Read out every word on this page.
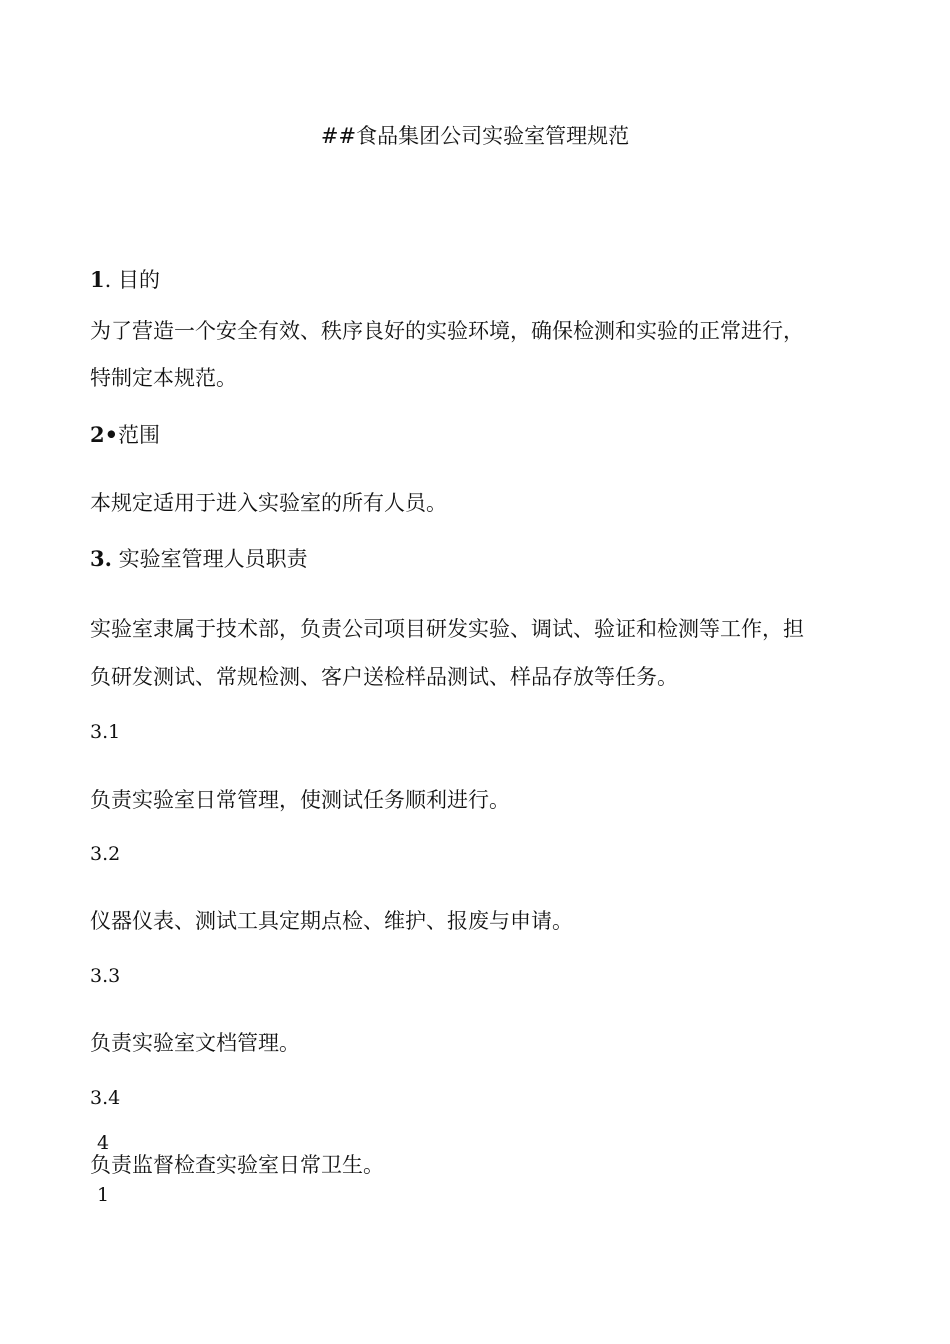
##食品集团公司实验室管理规范
1. 目的
为了营造一个安全有效、秩序良好的实验环境，确保检测和实验的正常进行，
特制定本规范。
2•范围
本规定适用于进入实验室的所有人员。
3. 实验室管理人员职责
实验室隶属于技术部，负责公司项目研发实验、调试、验证和检测等工作，担
负研发测试、常规检测、客户送检样品测试、样品存放等任务。
3.1
负责实验室日常管理，使测试任务顺利进行。
3.2
仪器仪表、测试工具定期点检、维护、报废与申请。
3.3
负责实验室文档管理。
3.4
4
负责监督检查实验室日常卫生。
1
